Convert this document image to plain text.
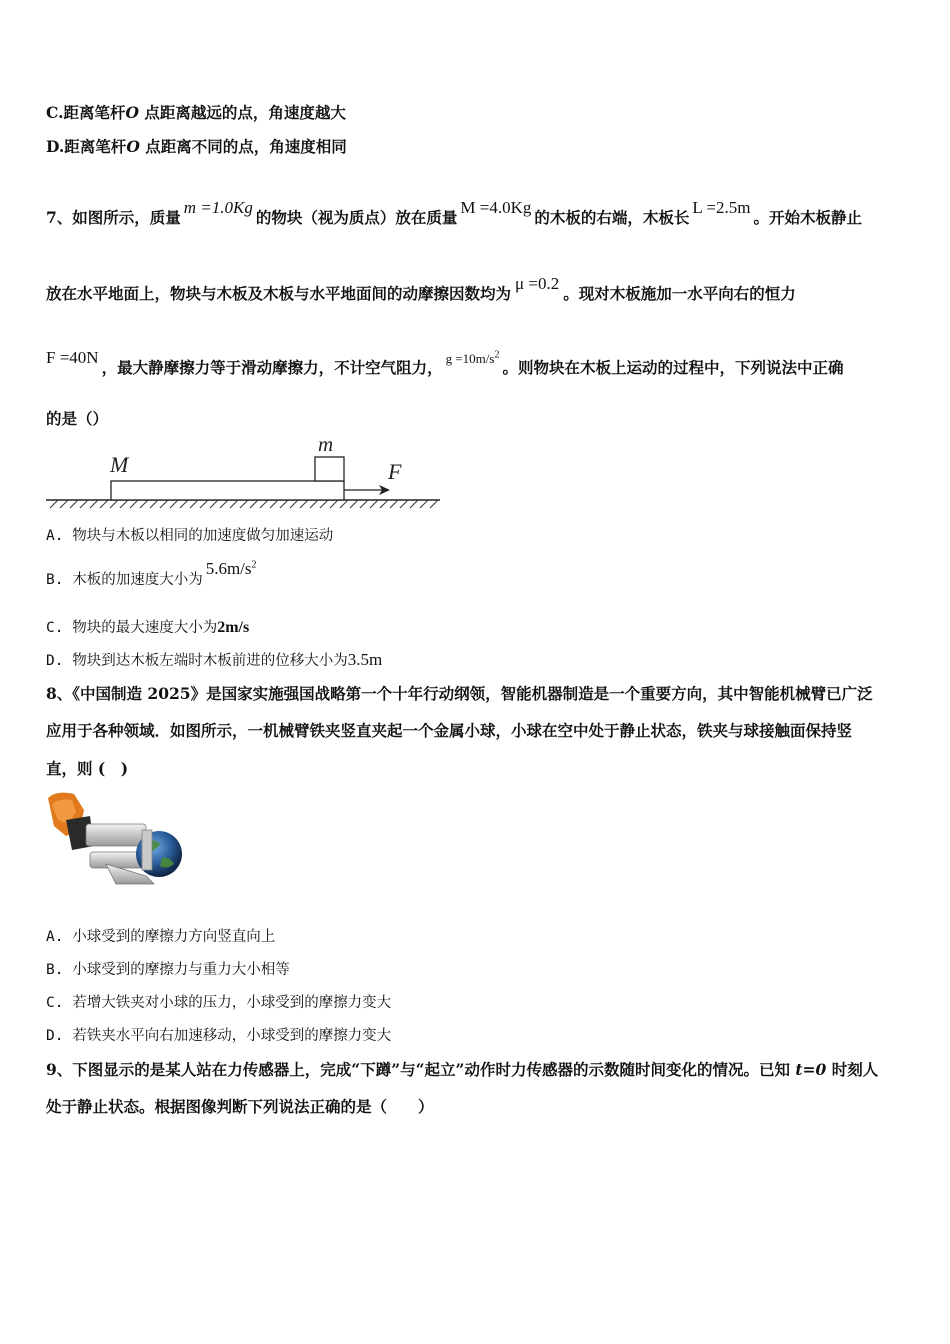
C.距离笔杆O 点距离越远的点，角速度越大
D.距离笔杆O 点距离不同的点，角速度相同
7、如图所示，质量m =1.0Kg的物块（视为质点）放在质量M =4.0Kg的木板的右端，木板长L =2.5m。开始木板静止
放在水平地面上，物块与木板及木板与水平地面间的动摩擦因数均为μ =0.2。现对木板施加一水平向右的恒力
F =40N，最大静摩擦力等于滑动摩擦力，不计空气阻力， $^{g =10m/s^2}$。则物块在木板上运动的过程中，下列说法中正确
的是（）
M
m
F
A. 物块与木板以相同的加速度做匀加速运动
B. 木板的加速度大小为$5.6m/s^2$
C. 物块的最大速度大小为2m/s
D. 物块到达木板左端时木板前进的位移大小为3.5m
8、《中国制造 2025》是国家实施强国战略第一个十年行动纲领，智能机器制造是一个重要方向，其中智能机械臂已广泛
应用于各种领域．如图所示，一机械臂铁夹竖直夹起一个金属小球，小球在空中处于静止状态，铁夹与球接触面保持竖
直，则 (　)
A. 小球受到的摩擦力方向竖直向上
B. 小球受到的摩擦力与重力大小相等
C. 若增大铁夹对小球的压力，小球受到的摩擦力变大
D. 若铁夹水平向右加速移动，小球受到的摩擦力变大
9、下图显示的是某人站在力传感器上，完成“下蹲”与“起立”动作时力传感器的示数随时间变化的情况。已知 t=0 时刻人
处于静止状态。根据图像判断下列说法正确的是（　　）
